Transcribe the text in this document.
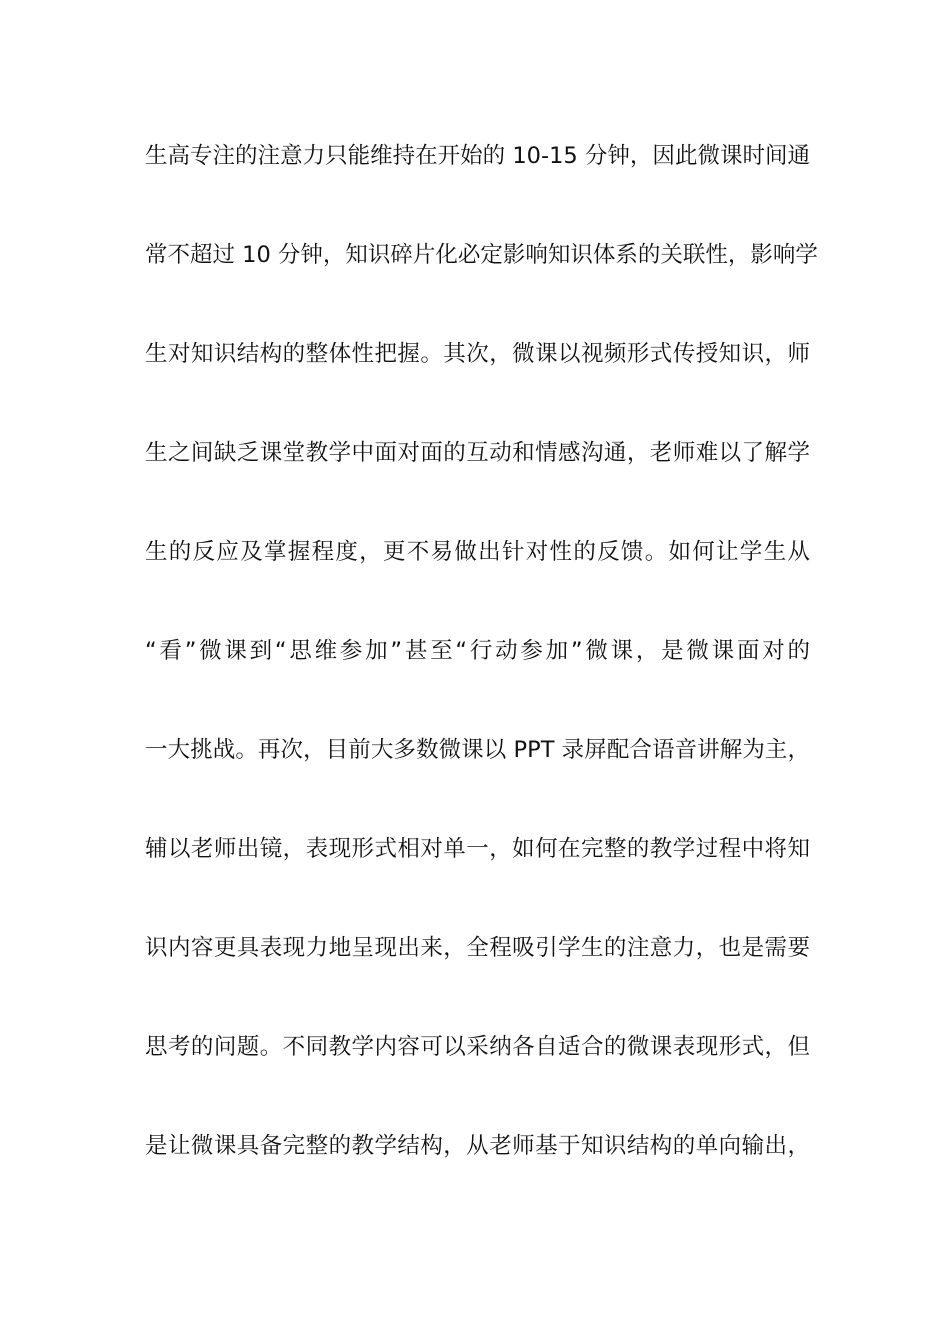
生高专注的注意力只能维持在开始的 10-15 分钟，因此微课时间通
常不超过 10 分钟，知识碎片化必定影响知识体系的关联性，影响学
生对知识结构的整体性把握。其次，微课以视频形式传授知识，师
生之间缺乏课堂教学中面对面的互动和情感沟通，老师难以了解学
生的反应及掌握程度，更不易做出针对性的反馈。如何让学生从
“看”微课到“思维参加”甚至“行动参加”微课，是微课面对的
一大挑战。再次，目前大多数微课以 PPT 录屏配合语音讲解为主，
辅以老师出镜，表现形式相对单一，如何在完整的教学过程中将知
识内容更具表现力地呈现出来，全程吸引学生的注意力，也是需要
思考的问题。不同教学内容可以采纳各自适合的微课表现形式，但
是让微课具备完整的教学结构，从老师基于知识结构的单向输出，
